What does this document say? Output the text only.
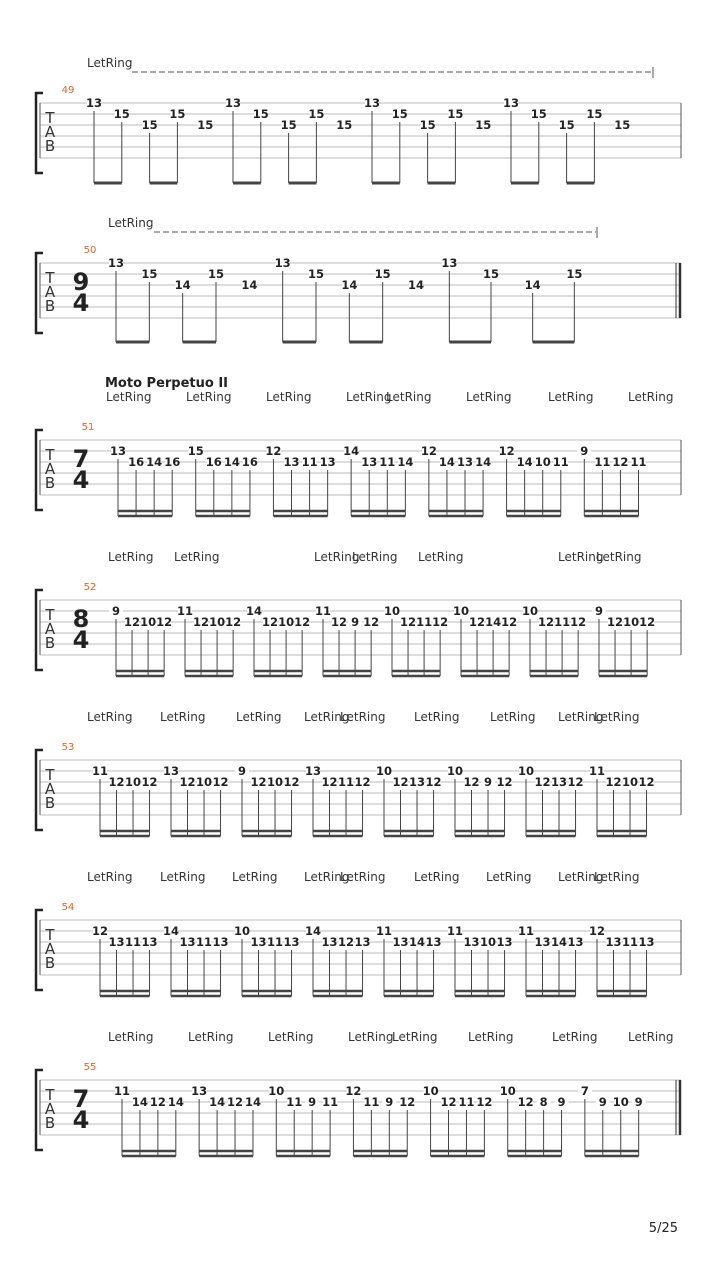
Moto Perpetuo II
T
A
B
49
LetRing
13
15
15
15
15
13
15
15
15
15
13
15
15
15
15
13
15
15
15
15
T
A
B
9
4
50
LetRing
13
15
14
15
14
13
15
14
15
14
13
15
14
15
T
A
B
7
4
51
LetRing	LetRing	LetRing	LetRing
LetRing	LetRing	LetRing	LetRing
13
16 14 16
15
16 14 16
12
13 11 13
14
13 11 14
12
14 13 14
12
14 10 11
9
11 12 11
T
A
B
8
4
52
LetRing LetRing	LetRing
LetRing LetRing	LetRing
LetRing
9
12 10 12
11
12 10 12
14
12 10 12
11
12 9 12
10
12 11 12
10
12 14 12
10
12 11 12
9
12 10 12
T
A
B
53
LetRing LetRing	LetRing LetRing
LetRing LetRing	LetRing LetRing
LetRing
11
12 10 12
13
12 10 12
9
12 10 12
13
12 11 12
10
12 13 12
10
12 9 12
10
12 13 12
11
12 10 12
T
A
B
54
LetRing LetRing LetRing LetRing
LetRing LetRing LetRing LetRing
LetRing
12
13 11 13
14
13 11 13
10
13 11 13
14
13 12 13
11
13 14 13
11
13 10 13
11
13 14 13
12
13 11 13
T
A
B
7
4
55
LetRing	LetRing	LetRing	LetRing
LetRing	LetRing	LetRing	LetRing
11
14 12 14
13
14 12 14
10
11 9 11
12
11 9 12
10
12 11 12
10
12 8 9
7
9 10 9
5/25
